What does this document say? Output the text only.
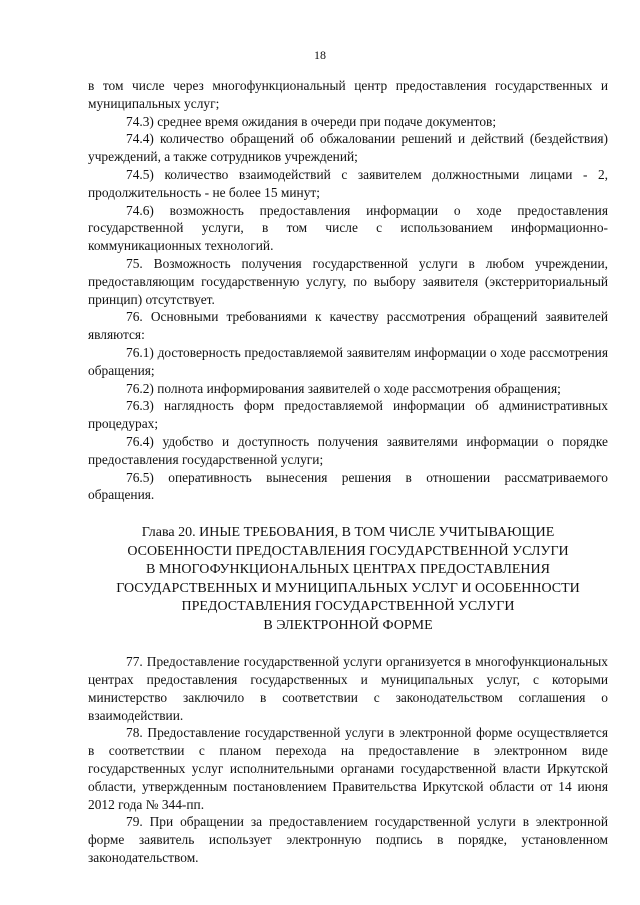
18

в том числе через многофункциональный центр предоставления государственных и муниципальных услуг;

74.3) среднее время ожидания в очереди при подаче документов;

74.4) количество обращений об обжаловании решений и действий (бездействия) учреждений, а также сотрудников учреждений;

74.5) количество взаимодействий с заявителем должностными лицами - 2, продолжительность - не более 15 минут;

74.6) возможность предоставления информации о ходе предоставления государственной услуги, в том числе с использованием информационно-коммуникационных технологий.

75. Возможность получения государственной услуги в любом учреждении, предоставляющим государственную услугу, по выбору заявителя (экстерриториальный принцип) отсутствует.

76. Основными требованиями к качеству рассмотрения обращений заявителей являются:

76.1) достоверность предоставляемой заявителям информации о ходе рассмотрения обращения;

76.2) полнота информирования заявителей о ходе рассмотрения обращения;

76.3) наглядность форм предоставляемой информации об административных процедурах;

76.4) удобство и доступность получения заявителями информации о порядке предоставления государственной услуги;

76.5) оперативность вынесения решения в отношении рассматриваемого обращения.

Глава 20. ИНЫЕ ТРЕБОВАНИЯ, В ТОМ ЧИСЛЕ УЧИТЫВАЮЩИЕ
ОСОБЕННОСТИ ПРЕДОСТАВЛЕНИЯ ГОСУДАРСТВЕННОЙ УСЛУГИ
В МНОГОФУНКЦИОНАЛЬНЫХ ЦЕНТРАХ ПРЕДОСТАВЛЕНИЯ
ГОСУДАРСТВЕННЫХ И МУНИЦИПАЛЬНЫХ УСЛУГ И ОСОБЕННОСТИ
ПРЕДОСТАВЛЕНИЯ ГОСУДАРСТВЕННОЙ УСЛУГИ
В ЭЛЕКТРОННОЙ ФОРМЕ

77. Предоставление государственной услуги организуется в многофункциональных центрах предоставления государственных и муниципальных услуг, с которыми министерство заключило в соответствии с законодательством соглашения о взаимодействии.

78. Предоставление государственной услуги в электронной форме осуществляется в соответствии с планом перехода на предоставление в электронном виде государственных услуг исполнительными органами государственной власти Иркутской области, утвержденным постановлением Правительства Иркутской области от 14 июня 2012 года № 344-пп.

79. При обращении за предоставлением государственной услуги в электронной форме заявитель использует электронную подпись в порядке, установленном законодательством.
